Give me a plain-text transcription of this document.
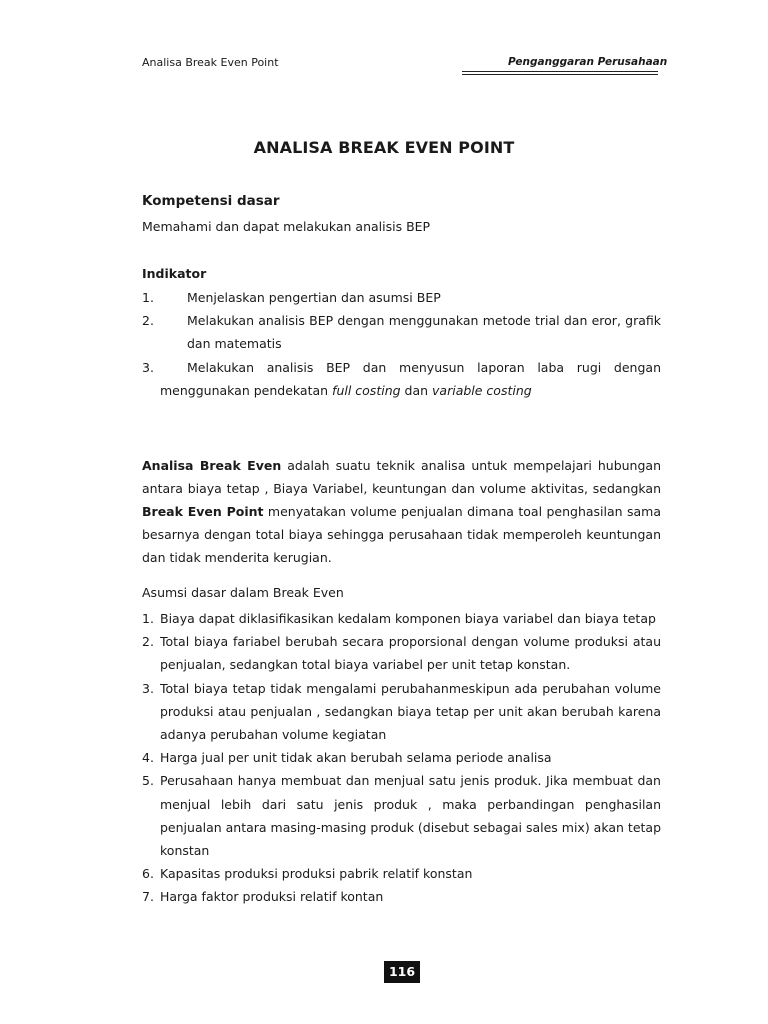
Analisa Break Even Point	Penganggaran Perusahaan
ANALISA BREAK EVEN POINT
Kompetensi dasar
Memahami dan dapat melakukan analisis BEP
Indikator
1.	Menjelaskan pengertian dan asumsi BEP
2.	Melakukan analisis BEP dengan menggunakan metode trial dan eror, grafik
dan matematis
3.	Melakukan analisis BEP dan menyusun laporan laba rugi dengan
menggunakan pendekatan full costing dan variable costing
Analisa Break Even adalah suatu teknik analisa untuk mempelajari hubungan
antara biaya tetap , Biaya Variabel, keuntungan dan volume aktivitas, sedangkan
Break Even Point menyatakan volume penjualan dimana toal penghasilan sama
besarnya dengan total biaya sehingga perusahaan tidak memperoleh keuntungan
dan tidak menderita kerugian.
Asumsi dasar dalam Break Even
1. Biaya dapat diklasifikasikan kedalam komponen biaya variabel dan biaya tetap
2. Total biaya fariabel berubah secara proporsional dengan volume produksi atau
penjualan, sedangkan total biaya variabel per unit tetap konstan.
3. Total biaya tetap tidak mengalami perubahanmeskipun ada perubahan volume
produksi atau penjualan , sedangkan biaya tetap per unit akan berubah karena
adanya perubahan volume kegiatan
4. Harga jual per unit tidak akan berubah selama periode analisa
5. Perusahaan hanya membuat dan menjual satu jenis produk. Jika membuat dan
menjual lebih dari satu jenis produk , maka perbandingan penghasilan
penjualan antara masing-masing produk (disebut sebagai sales mix) akan tetap
konstan
6. Kapasitas produksi produksi pabrik relatif konstan
7. Harga faktor produksi relatif kontan
116
